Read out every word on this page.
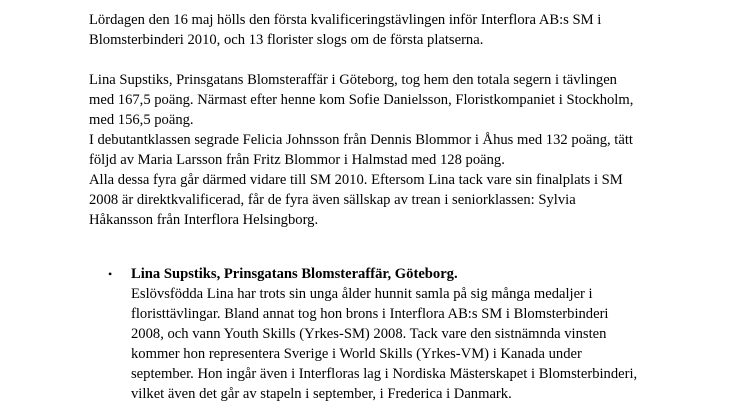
Lördagen den 16 maj hölls den första kvalificeringstävlingen inför Interflora AB:s SM i
Blomsterbinderi 2010, och 13 florister slogs om de första platserna.
Lina Supstiks, Prinsgatans Blomsteraffär i Göteborg, tog hem den totala segern i tävlingen
med 167,5 poäng. Närmast efter henne kom Sofie Danielsson, Floristkompaniet i Stockholm,
med 156,5 poäng.
I debutantklassen segrade Felicia Johnsson från Dennis Blommor i Åhus med 132 poäng, tätt
följd av Maria Larsson från Fritz Blommor i Halmstad med 128 poäng.
Alla dessa fyra går därmed vidare till SM 2010. Eftersom Lina tack vare sin finalplats i SM
2008 är direktkvalificerad, får de fyra även sällskap av trean i seniorklassen: Sylvia
Håkansson från Interflora Helsingborg.
• Lina Supstiks, Prinsgatans Blomsteraffär, Göteborg.
Eslövsfödda Lina har trots sin unga ålder hunnit samla på sig många medaljer i
floristtävlingar. Bland annat tog hon brons i Interflora AB:s SM i Blomsterbinderi
2008, och vann Youth Skills (Yrkes-SM) 2008. Tack vare den sistnämnda vinsten
kommer hon representera Sverige i World Skills (Yrkes-VM) i Kanada under
september. Hon ingår även i Interfloras lag i Nordiska Mästerskapet i Blomsterbinderi,
vilket även det går av stapeln i september, i Frederica i Danmark.
